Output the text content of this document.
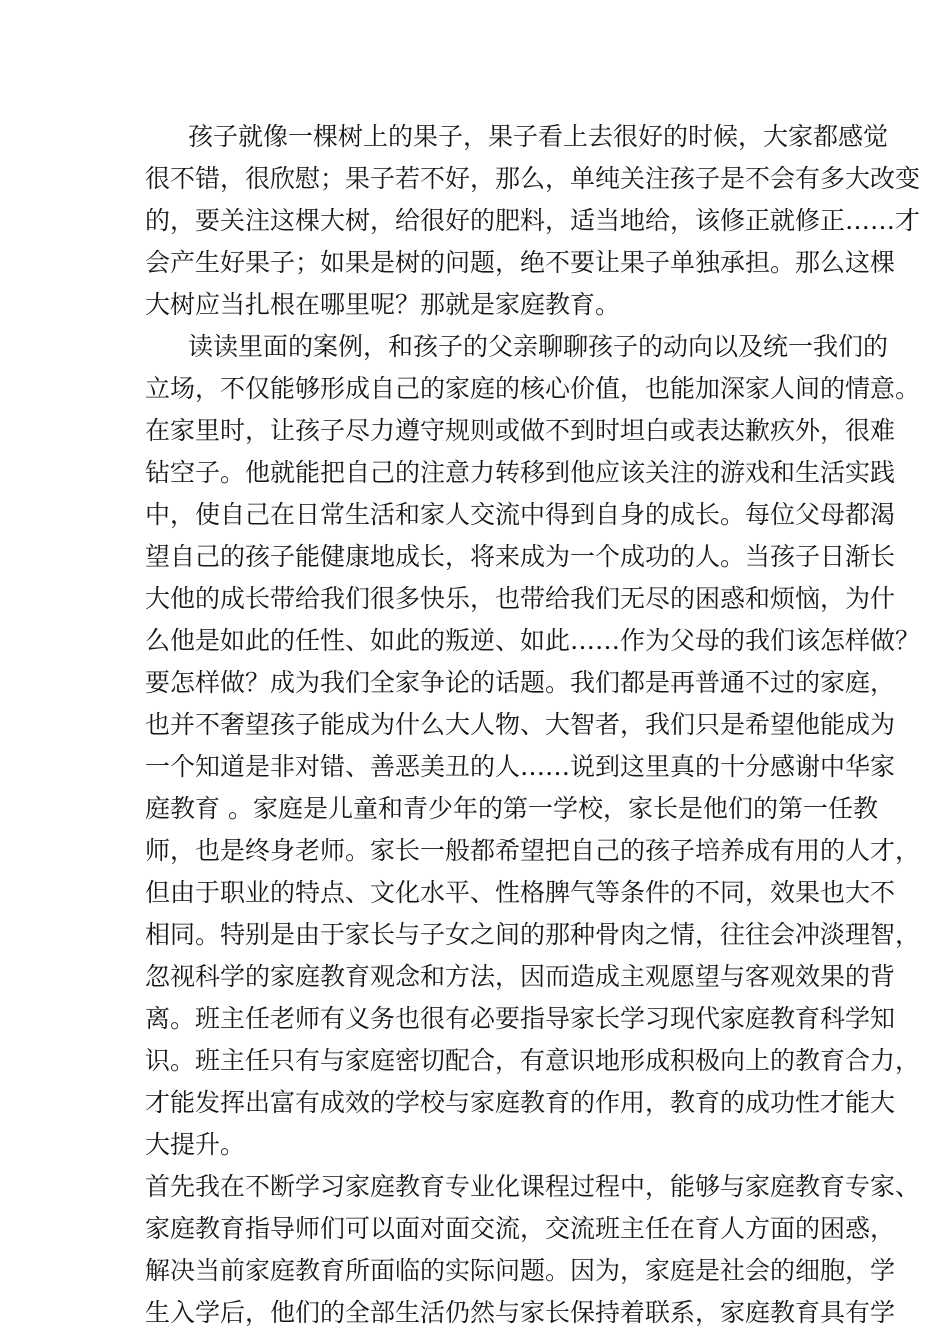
孩子就像一棵树上的果子，果子看上去很好的时候，大家都感觉
很不错，很欣慰；果子若不好，那么，单纯关注孩子是不会有多大改变
的，要关注这棵大树，给很好的肥料，适当地给，该修正就修正……才
会产生好果子；如果是树的问题，绝不要让果子单独承担。那么这棵
大树应当扎根在哪里呢？那就是家庭教育。
读读里面的案例，和孩子的父亲聊聊孩子的动向以及统一我们的
立场，不仅能够形成自己的家庭的核心价值，也能加深家人间的情意。
在家里时，让孩子尽力遵守规则或做不到时坦白或表达歉疚外，很难
钻空子。他就能把自己的注意力转移到他应该关注的游戏和生活实践
中，使自己在日常生活和家人交流中得到自身的成长。每位父母都渴
望自己的孩子能健康地成长，将来成为一个成功的人。当孩子日渐长
大他的成长带给我们很多快乐，也带给我们无尽的困惑和烦恼，为什
么他是如此的任性、如此的叛逆、如此……作为父母的我们该怎样做？
要怎样做？成为我们全家争论的话题。我们都是再普通不过的家庭，
也并不奢望孩子能成为什么大人物、大智者，我们只是希望他能成为
一个知道是非对错、善恶美丑的人……说到这里真的十分感谢中华家
庭教育 。家庭是儿童和青少年的第一学校，家长是他们的第一任教
师，也是终身老师。家长一般都希望把自己的孩子培养成有用的人才，
但由于职业的特点、文化水平、性格脾气等条件的不同，效果也大不
相同。特别是由于家长与子女之间的那种骨肉之情，往往会冲淡理智，
忽视科学的家庭教育观念和方法，因而造成主观愿望与客观效果的背
离。班主任老师有义务也很有必要指导家长学习现代家庭教育科学知
识。班主任只有与家庭密切配合，有意识地形成积极向上的教育合力，
才能发挥出富有成效的学校与家庭教育的作用，教育的成功性才能大
大提升。
首先我在不断学习家庭教育专业化课程过程中，能够与家庭教育专家、
家庭教育指导师们可以面对面交流，交流班主任在育人方面的困惑，
解决当前家庭教育所面临的实际问题。因为，家庭是社会的细胞，学
生入学后，他们的全部生活仍然与家长保持着联系，家庭教育具有学
